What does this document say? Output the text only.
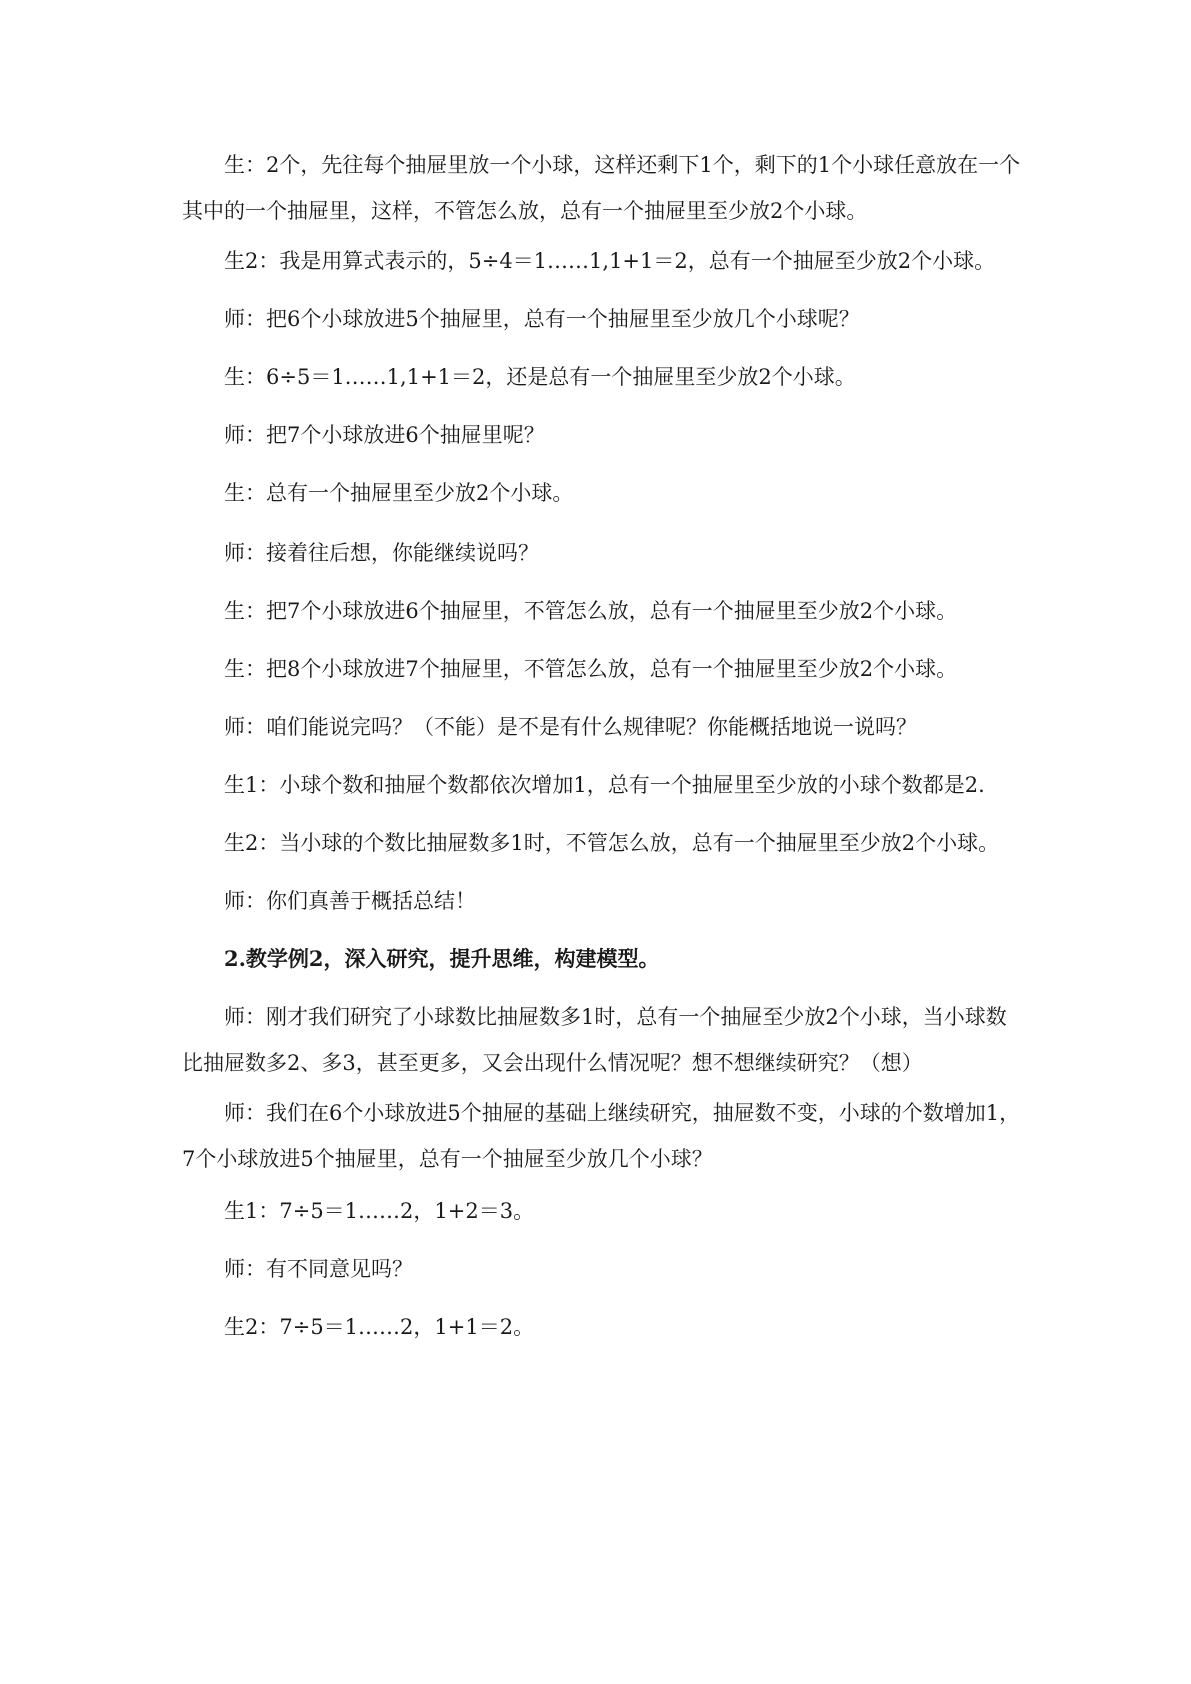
生：2个，先往每个抽屉里放一个小球，这样还剩下1个，剩下的1个小球任意放在一个其中的一个抽屉里，这样，不管怎么放，总有一个抽屉里至少放2个小球。

生2：我是用算式表示的，5÷4＝1……1,1+1＝2，总有一个抽屉至少放2个小球。

师：把6个小球放进5个抽屉里，总有一个抽屉里至少放几个小球呢？

生：6÷5＝1……1,1+1＝2，还是总有一个抽屉里至少放2个小球。

师：把7个小球放进6个抽屉里呢？

生：总有一个抽屉里至少放2个小球。

师：接着往后想，你能继续说吗？

生：把7个小球放进6个抽屉里，不管怎么放，总有一个抽屉里至少放2个小球。

生：把8个小球放进7个抽屉里，不管怎么放，总有一个抽屉里至少放2个小球。

师：咱们能说完吗？（不能）是不是有什么规律呢？你能概括地说一说吗？

生1：小球个数和抽屉个数都依次增加1，总有一个抽屉里至少放的小球个数都是2.

生2：当小球的个数比抽屉数多1时，不管怎么放，总有一个抽屉里至少放2个小球。

师：你们真善于概括总结！

2.教学例2，深入研究，提升思维，构建模型。

师：刚才我们研究了小球数比抽屉数多1时，总有一个抽屉至少放2个小球，当小球数比抽屉数多2、多3，甚至更多，又会出现什么情况呢？想不想继续研究？（想）

师：我们在6个小球放进5个抽屉的基础上继续研究，抽屉数不变，小球的个数增加1，7个小球放进5个抽屉里，总有一个抽屉至少放几个小球？

生1：7÷5＝1……2，1+2＝3。

师：有不同意见吗？

生2：7÷5＝1……2，1+1＝2。
